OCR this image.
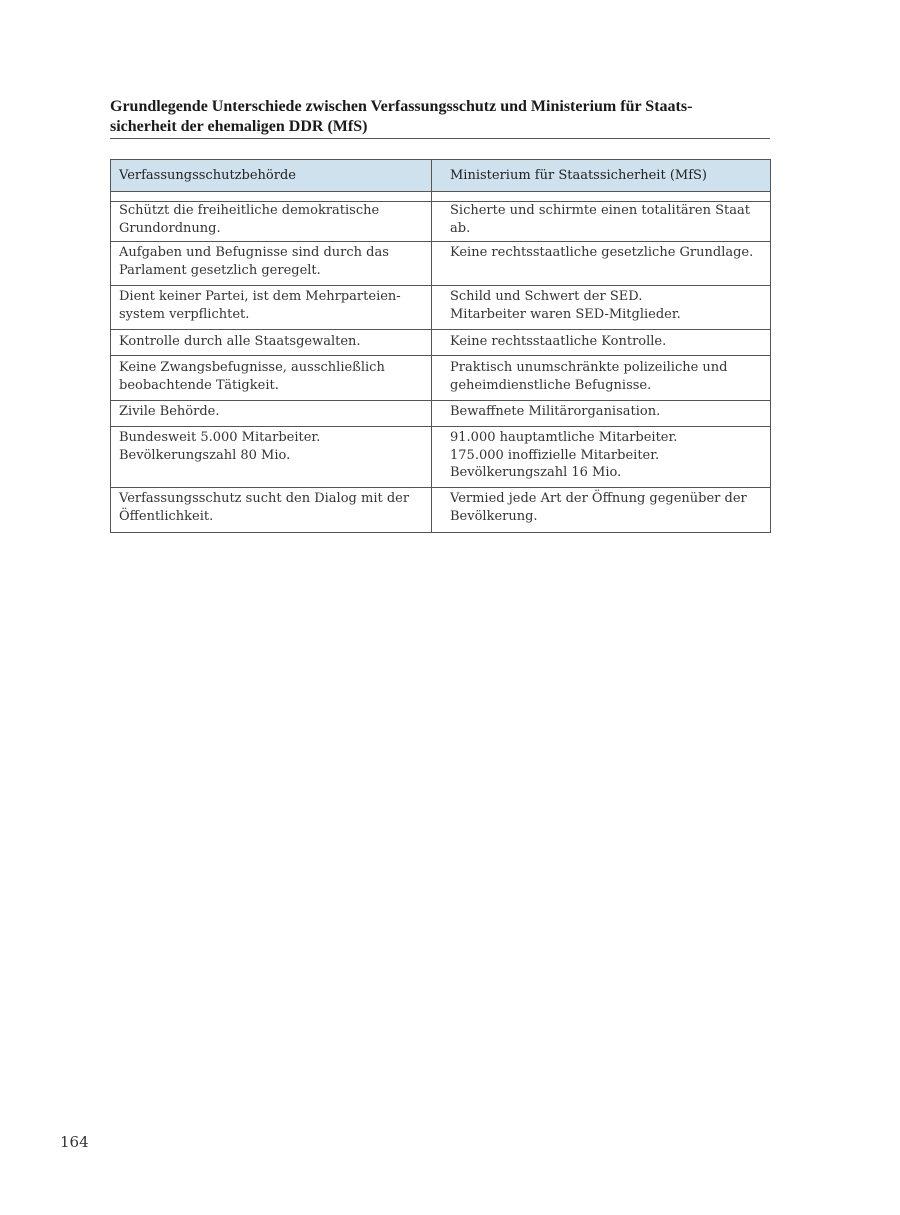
Grundlegende Unterschiede zwischen Verfassungsschutz und Ministerium für Staats-
sicherheit der ehemaligen DDR (MfS)
Verfassungsschutzbehörde	Ministerium für Staatssicherheit (MfS)

Schützt die freiheitliche demokratische
Grundordnung.	Sicherte und schirmte einen totalitären Staat
ab.

Aufgaben und Befugnisse sind durch das
Parlament gesetzlich geregelt.	Keine rechtsstaatliche gesetzliche Grundlage.

Dient keiner Partei, ist dem Mehrparteien-
system verpflichtet.	Schild und Schwert der SED.
Mitarbeiter waren SED-Mitglieder.

Kontrolle durch alle Staatsgewalten.	Keine rechtsstaatliche Kontrolle.

Keine Zwangsbefugnisse, ausschließlich
beobachtende Tätigkeit.	Praktisch unumschränkte polizeiliche und
geheimdienstliche Befugnisse.

Zivile Behörde.	Bewaffnete Militärorganisation.

Bundesweit 5.000 Mitarbeiter.
Bevölkerungszahl 80 Mio.	91.000 hauptamtliche Mitarbeiter.
175.000 inoffizielle Mitarbeiter.
Bevölkerungszahl 16 Mio.

Verfassungsschutz sucht den Dialog mit der
Öffentlichkeit.	Vermied jede Art der Öffnung gegenüber der
Bevölkerung.
164
